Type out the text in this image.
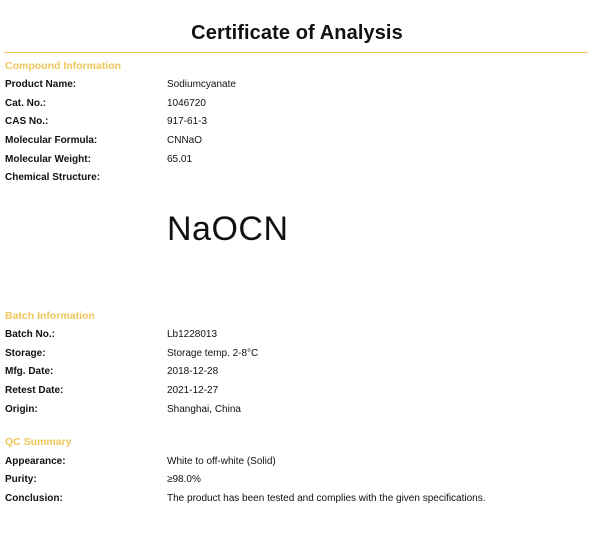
Certificate of Analysis
Compound Information
Product Name:	Sodiumcyanate
Cat. No.:	1046720
CAS No.:	917-61-3
Molecular Formula:	CNNaO
Molecular Weight:	65.01
Chemical Structure:
NaOCN
Batch Information
Batch No.:	Lb1228013
Storage:	Storage temp. 2-8°C
Mfg. Date:	2018-12-28
Retest Date:	2021-12-27
Origin:	Shanghai, China
QC Summary
Appearance:	White to off-white (Solid)
Purity:	≥98.0%
Conclusion:	The product has been tested and complies with the given specifications.
